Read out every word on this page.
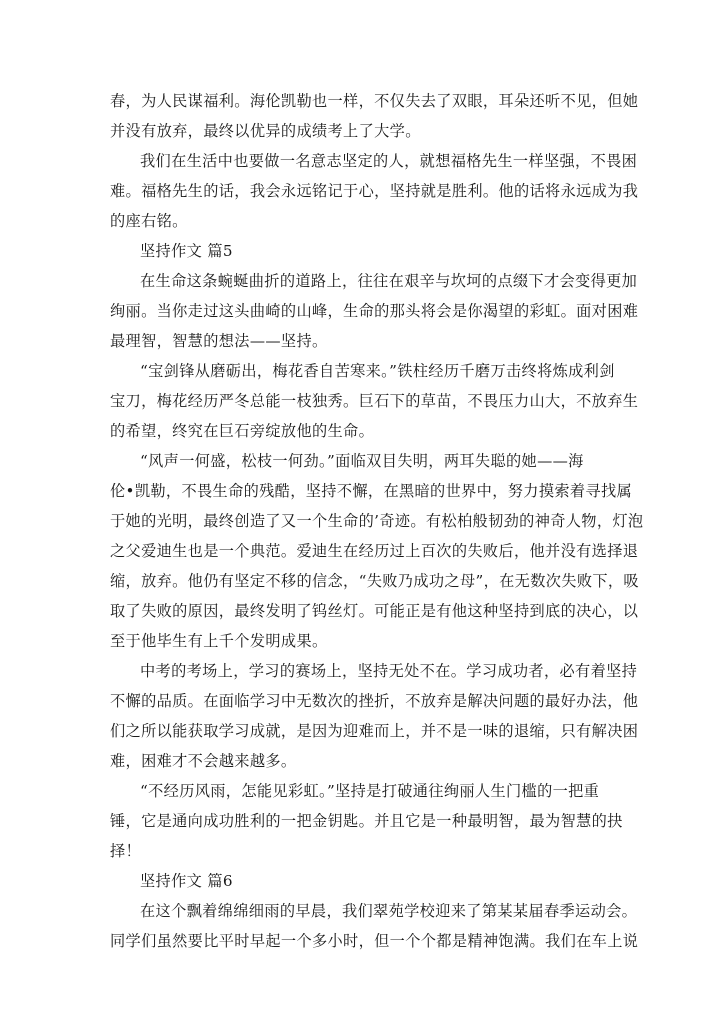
春，为人民谋福利。海伦凯勒也一样，不仅失去了双眼，耳朵还听不见，但她
并没有放弃，最终以优异的成绩考上了大学。
我们在生活中也要做一名意志坚定的人，就想福格先生一样坚强，不畏困
难。福格先生的话，我会永远铭记于心，坚持就是胜利。他的话将永远成为我
的座右铭。
坚持作文 篇5
在生命这条蜿蜒曲折的道路上，往往在艰辛与坎坷的点缀下才会变得更加
绚丽。当你走过这头曲崎的山峰，生命的那头将会是你渴望的彩虹。面对困难
最理智，智慧的想法——坚持。
“宝剑锋从磨砺出，梅花香自苦寒来。”铁柱经历千磨万击终将炼成利剑
宝刀，梅花经历严冬总能一枝独秀。巨石下的草苗，不畏压力山大，不放弃生
的希望，终究在巨石旁绽放他的生命。
“风声一何盛，松枝一何劲。”面临双目失明，两耳失聪的她——海
伦•凯勒，不畏生命的残酷，坚持不懈，在黑暗的世界中，努力摸索着寻找属
于她的光明，最终创造了又一个生命的’奇迹。有松柏般韧劲的神奇人物，灯泡
之父爱迪生也是一个典范。爱迪生在经历过上百次的失败后，他并没有选择退
缩，放弃。他仍有坚定不移的信念，“失败乃成功之母”，在无数次失败下，吸
取了失败的原因，最终发明了钨丝灯。可能正是有他这种坚持到底的决心，以
至于他毕生有上千个发明成果。
中考的考场上，学习的赛场上，坚持无处不在。学习成功者，必有着坚持
不懈的品质。在面临学习中无数次的挫折，不放弃是解决问题的最好办法，他
们之所以能获取学习成就，是因为迎难而上，并不是一味的退缩，只有解决困
难，困难才不会越来越多。
“不经历风雨，怎能见彩虹。”坚持是打破通往绚丽人生门槛的一把重
锤，它是通向成功胜利的一把金钥匙。并且它是一种最明智，最为智慧的抉
择！
坚持作文 篇6
在这个飘着绵绵细雨的早晨，我们翠苑学校迎来了第某某届春季运动会。
同学们虽然要比平时早起一个多小时，但一个个都是精神饱满。我们在车上说
